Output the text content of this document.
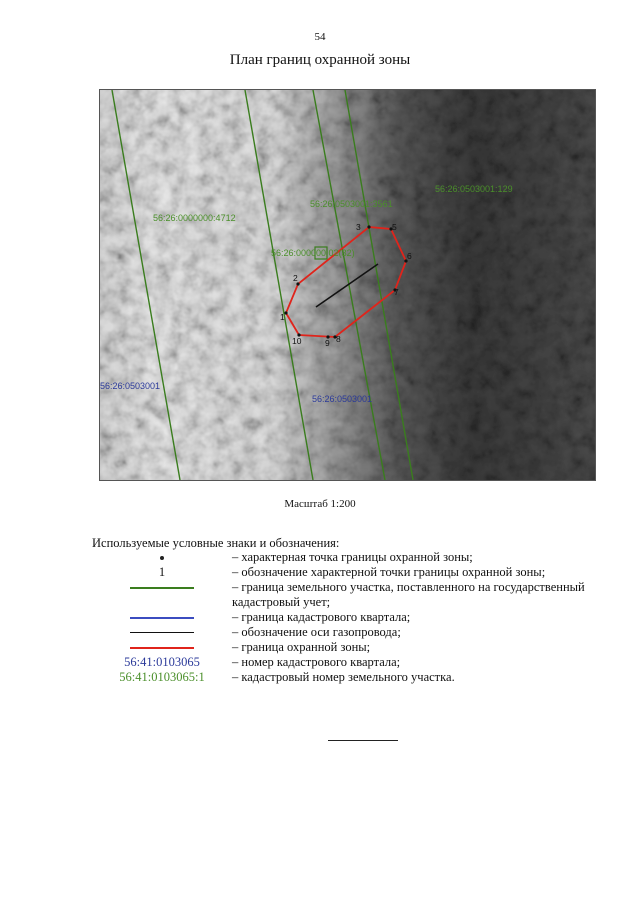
54
План границ охранной зоны
1
2
3	5
6
7
8
9
10
56:26:0000000:4712
56:26:0503001:3561
56:26:0503001:129
56:26:000000:02(32)
56:26:0503001
56:26:0503001
Масштаб 1:200
Используемые условные знаки и обозначения:
– характерная точка границы охранной зоны;
1	– обозначение характерной точки границы охранной зоны;
– граница земельного участка, поставленного на государственный кадастровый учет;
– граница кадастрового квартала;
– обозначение оси газопровода;
– граница охранной зоны;
56:41:0103065	– номер кадастрового квартала;
56:41:0103065:1 – кадастровый номер земельного участка.
